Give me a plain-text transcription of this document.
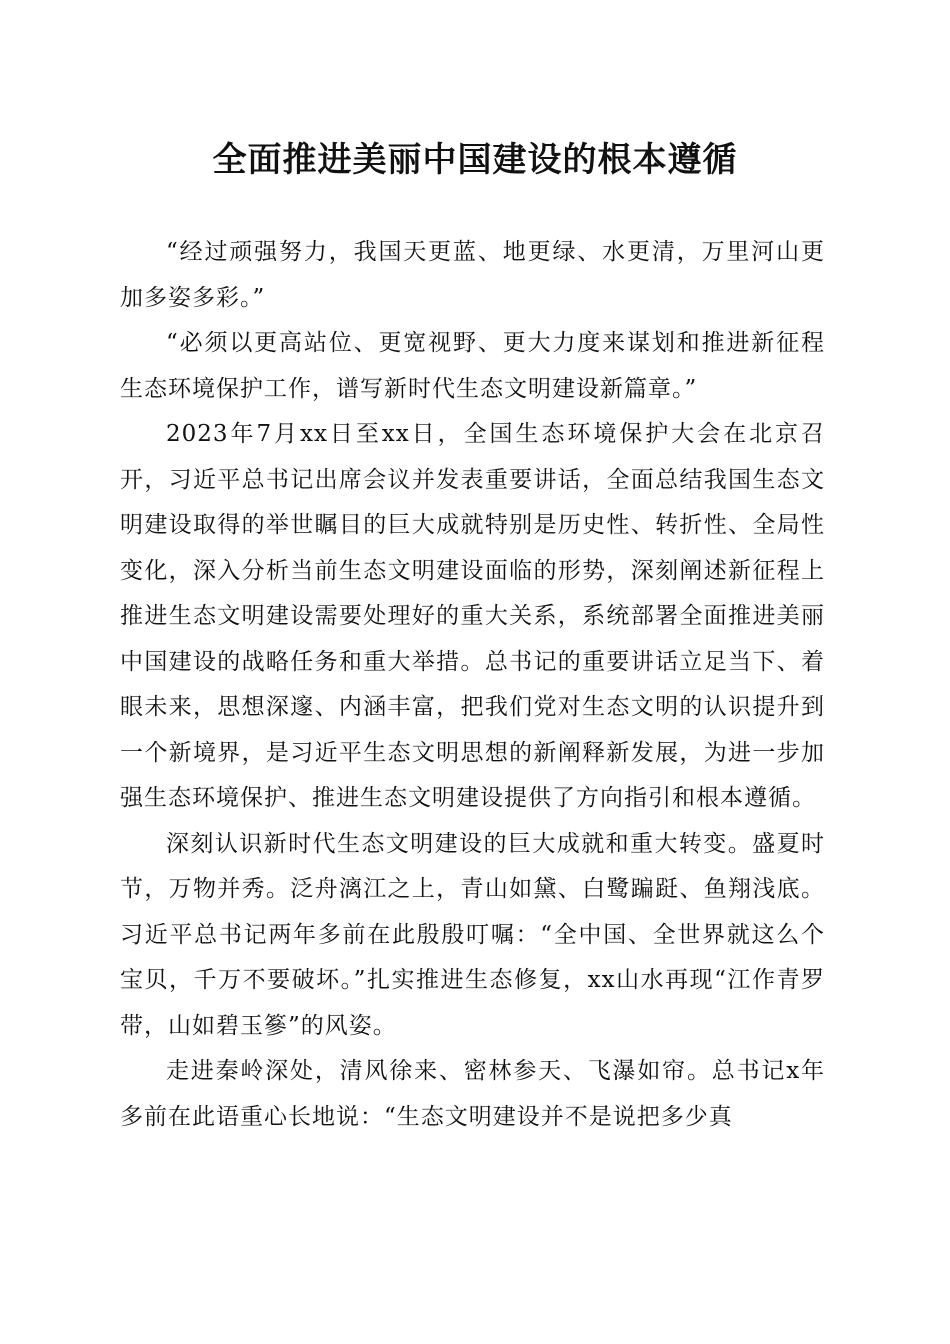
全面推进美丽中国建设的根本遵循

“经过顽强努力，我国天更蓝、地更绿、水更清，万里河山更加多姿多彩。”

“必须以更高站位、更宽视野、更大力度来谋划和推进新征程生态环境保护工作，谱写新时代生态文明建设新篇章。”

2023年7月xx日至xx日，全国生态环境保护大会在北京召开，习近平总书记出席会议并发表重要讲话，全面总结我国生态文明建设取得的举世瞩目的巨大成就特别是历史性、转折性、全局性变化，深入分析当前生态文明建设面临的形势，深刻阐述新征程上推进生态文明建设需要处理好的重大关系，系统部署全面推进美丽中国建设的战略任务和重大举措。总书记的重要讲话立足当下、着眼未来，思想深邃、内涵丰富，把我们党对生态文明的认识提升到一个新境界，是习近平生态文明思想的新阐释新发展，为进一步加强生态环境保护、推进生态文明建设提供了方向指引和根本遵循。

深刻认识新时代生态文明建设的巨大成就和重大转变。盛夏时节，万物并秀。泛舟漓江之上，青山如黛、白鹭蹁跹、鱼翔浅底。习近平总书记两年多前在此殷殷叮嘱：“全中国、全世界就这么个宝贝，千万不要破坏。”扎实推进生态修复，xx山水再现“江作青罗带，山如碧玉篸”的风姿。

走进秦岭深处，清风徐来、密林参天、飞瀑如帘。总书记x年多前在此语重心长地说：“生态文明建设并不是说把多少真
